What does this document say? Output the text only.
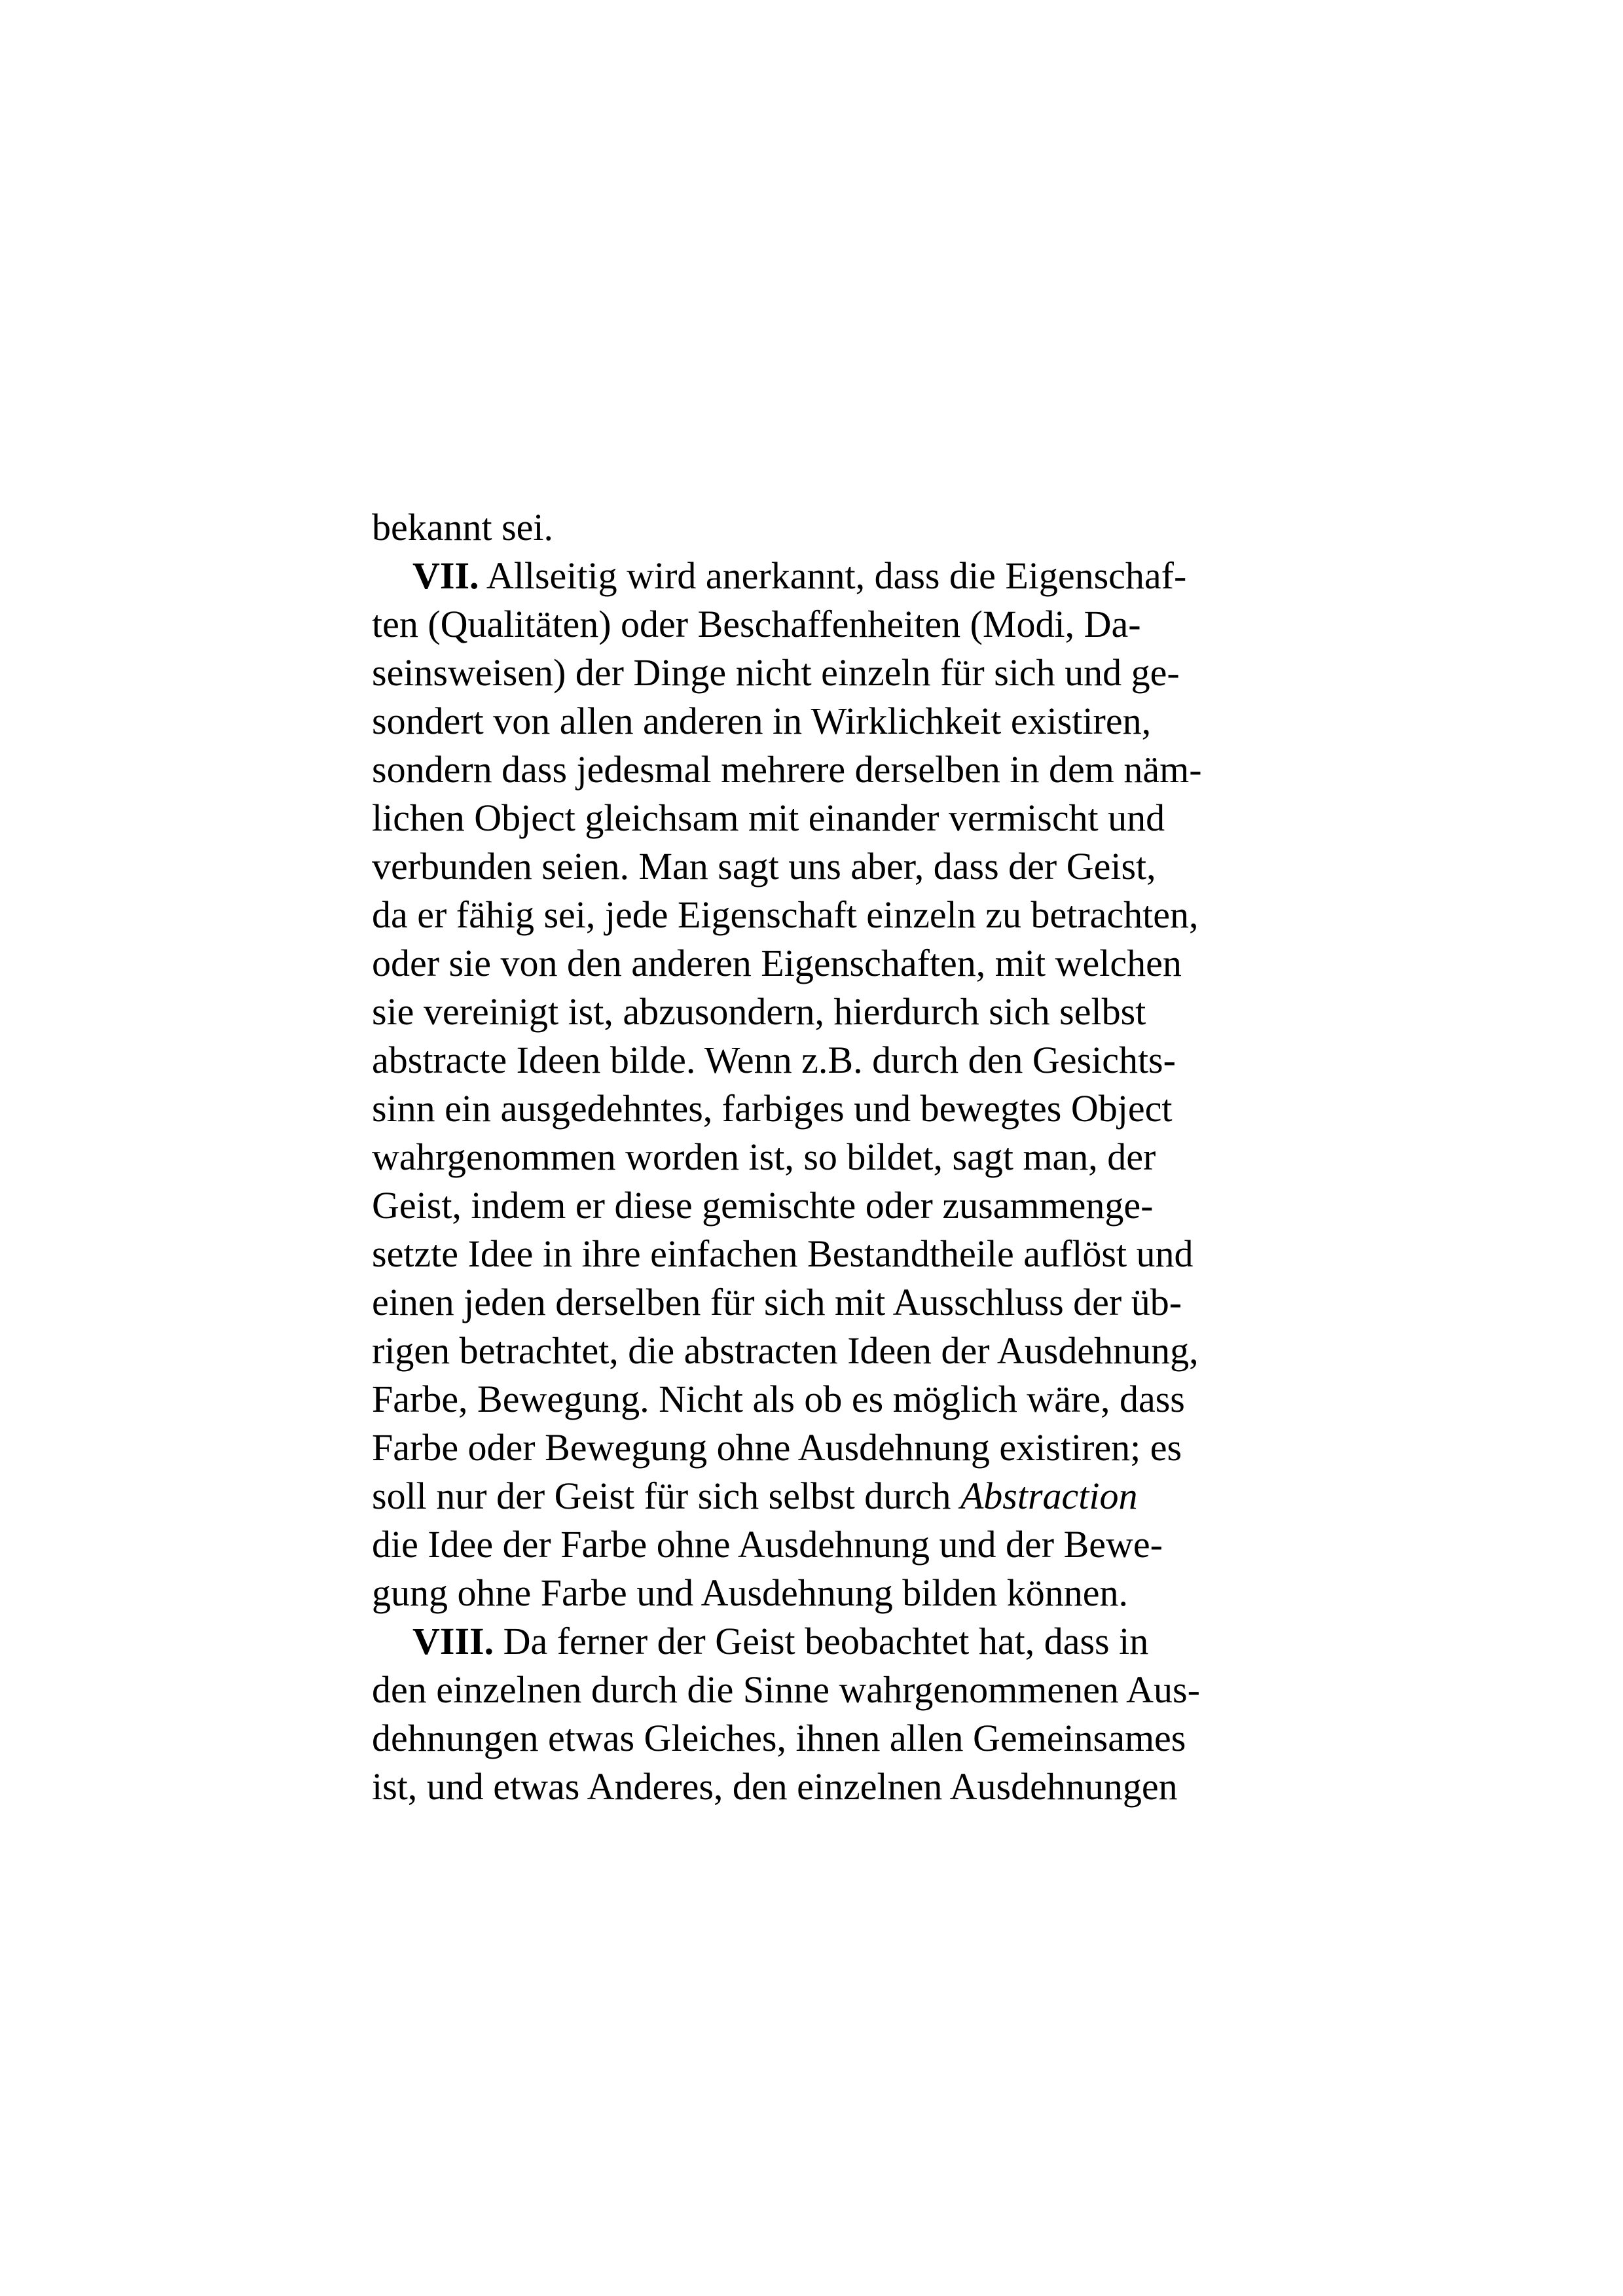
bekannt sei.
VII. Allseitig wird anerkannt, dass die Eigenschaf-
ten (Qualitäten) oder Beschaffenheiten (Modi, Da-
seinsweisen) der Dinge nicht einzeln für sich und ge-
sondert von allen anderen in Wirklichkeit existiren,
sondern dass jedesmal mehrere derselben in dem näm-
lichen Object gleichsam mit einander vermischt und
verbunden seien. Man sagt uns aber, dass der Geist,
da er fähig sei, jede Eigenschaft einzeln zu betrachten,
oder sie von den anderen Eigenschaften, mit welchen
sie vereinigt ist, abzusondern, hierdurch sich selbst
abstracte Ideen bilde. Wenn z.B. durch den Gesichts-
sinn ein ausgedehntes, farbiges und bewegtes Object
wahrgenommen worden ist, so bildet, sagt man, der
Geist, indem er diese gemischte oder zusammenge-
setzte Idee in ihre einfachen Bestandtheile auflöst und
einen jeden derselben für sich mit Ausschluss der üb-
rigen betrachtet, die abstracten Ideen der Ausdehnung,
Farbe, Bewegung. Nicht als ob es möglich wäre, dass
Farbe oder Bewegung ohne Ausdehnung existiren; es
soll nur der Geist für sich selbst durch Abstraction
die Idee der Farbe ohne Ausdehnung und der Bewe-
gung ohne Farbe und Ausdehnung bilden können.
VIII. Da ferner der Geist beobachtet hat, dass in
den einzelnen durch die Sinne wahrgenommenen Aus-
dehnungen etwas Gleiches, ihnen allen Gemeinsames
ist, und etwas Anderes, den einzelnen Ausdehnungen
